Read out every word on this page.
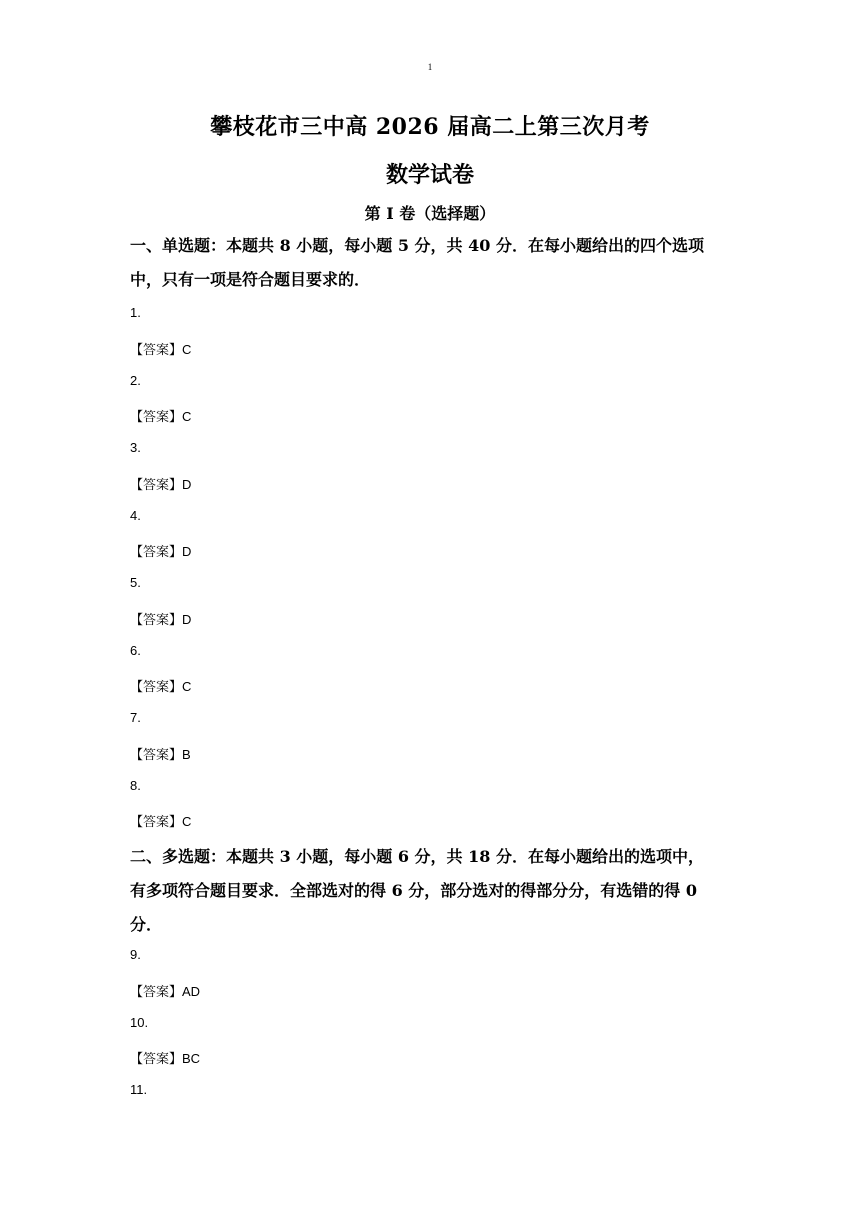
1
攀枝花市三中高 2026 届高二上第三次月考
数学试卷
第 I 卷（选择题）
一、单选题：本题共 8 小题，每小题 5 分，共 40 分．在每小题给出的四个选项
中，只有一项是符合题目要求的．
1.
【答案】C
2.
【答案】C
3.
【答案】D
4.
【答案】D
5.
【答案】D
6.
【答案】C
7.
【答案】B
8.
【答案】C
二、多选题：本题共 3 小题，每小题 6 分，共 18 分．在每小题给出的选项中，
有多项符合题目要求．全部选对的得 6 分，部分选对的得部分分，有选错的得 0
分．
9.
【答案】AD
10.
【答案】BC
11.
